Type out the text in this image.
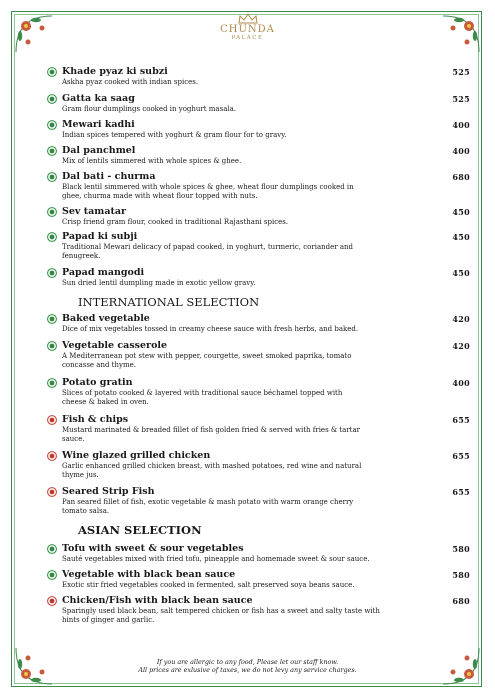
CHUNDA
PALACE
Khade pyaz ki subzi
Askha pyaz cooked with indian spices.
525
Gatta ka saag
Gram flour dumplings cooked in yoghurt masala.
525
Mewari kadhi
Indian spices tempered with yoghurt & gram flour for to gravy.
400
Dal panchmel
Mix of lentils simmered with whole spices & ghee.
400
Dal bati - churma
Black lentil simmered with whole spices & ghee, wheat flour dumplings cooked in ghee, churma made with wheat flour topped with nuts.
680
Sev tamatar
Crisp friend gram flour, cooked in traditional Rajasthani spices.
450
Papad ki subji
Traditional Mewari delicacy of papad cooked, in yoghurt, turmeric, coriander and fenugreek.
450
Papad mangodi
Sun dried lentil dumpling made in exotic yellow gravy.
450
INTERNATIONAL SELECTION
Baked vegetable
Dice of mix vegetables tossed in creamy cheese sauce with fresh herbs, and baked.
420
Vegetable casserole
A Mediterranean pot stew with pepper, courgette, sweet smoked paprika, tomato concasse and thyme.
420
Potato gratin
Slices of potato cooked & layered with traditional sauce béchamel topped with cheese & baked in oven.
400
Fish & chips
Mustard marinated & breaded fillet of fish golden fried & served with fries & tartar sauce.
655
Wine glazed grilled chicken
Garlic enhanced grilled chicken breast, with mashed potatoes, red wine and natural thyme jus.
655
Seared Strip Fish
Pan seared fillet of fish, exotic vegetable & mash potato with warm orange cherry tomato salsa.
655
ASIAN SELECTION
Tofu with sweet & sour vegetables
Sauté vegetables mixed with fried tofu, pineapple and homemade sweet & sour sauce.
580
Vegetable with black bean sauce
Exotic stir fried vegetables cooked in fermented, salt preserved soya beans sauce.
580
Chicken/Fish with black bean sauce
Sparingly used black bean, salt tempered chicken or fish has a sweet and salty taste with hints of ginger and garlic.
680
If you are allergic to any food, Please let our staff know.
All prices are exlusive of taxes, we do not levy any service charges.
